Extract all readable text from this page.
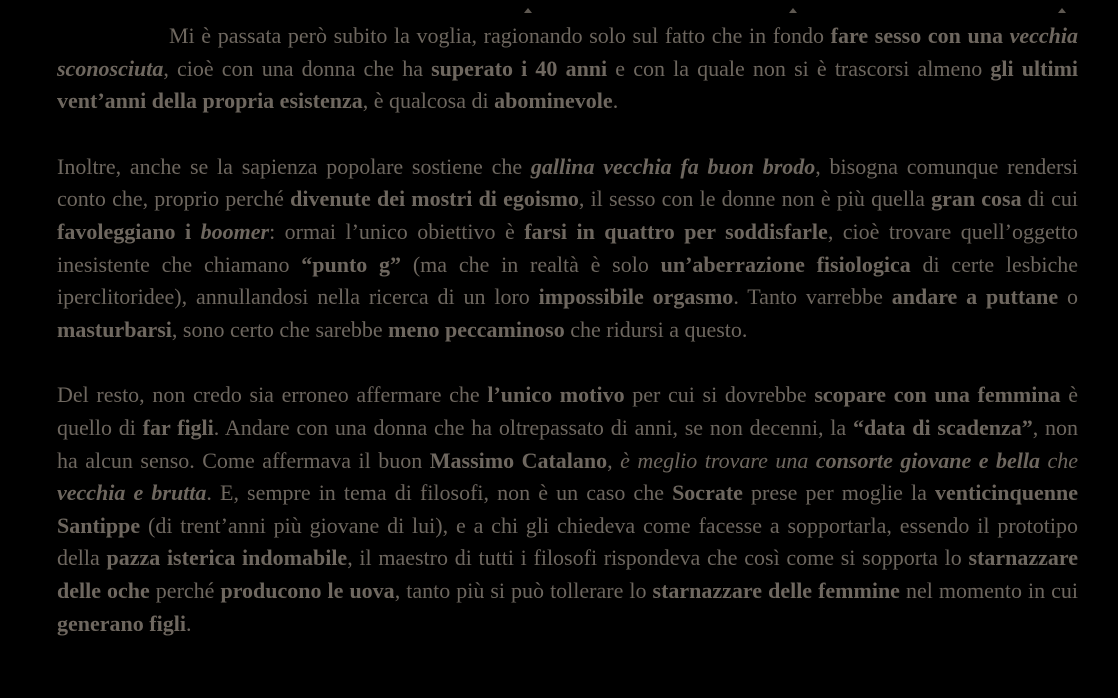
Mi è passata però subito la voglia, ragionando solo sul fatto che in fondo fare sesso con una vecchia sconosciuta, cioè con una donna che ha superato i 40 anni e con la quale non si è trascorsi almeno gli ultimi vent’anni della propria esistenza, è qualcosa di abominevole.

Inoltre, anche se la sapienza popolare sostiene che gallina vecchia fa buon brodo, bisogna comunque rendersi conto che, proprio perché divenute dei mostri di egoismo, il sesso con le donne non è più quella gran cosa di cui favoleggiano i boomer: ormai l’unico obiettivo è farsi in quattro per soddisfarle, cioè trovare quell’oggetto inesistente che chiamano “punto g” (ma che in realtà è solo un’aberrazione fisiologica di certe lesbiche iperclitoridee), annullandosi nella ricerca di un loro impossibile orgasmo. Tanto varrebbe andare a puttane o masturbarsi, sono certo che sarebbe meno peccaminoso che ridursi a questo.

Del resto, non credo sia erroneo affermare che l’unico motivo per cui si dovrebbe scopare con una femmina è quello di far figli. Andare con una donna che ha oltrepassato di anni, se non decenni, la “data di scadenza”, non ha alcun senso. Come affermava il buon Massimo Catalano, è meglio trovare una consorte giovane e bella che vecchia e brutta. E, sempre in tema di filosofi, non è un caso che Socrate prese per moglie la venticinquenne Santippe (di trent’anni più giovane di lui), e a chi gli chiedeva come facesse a sopportarla, essendo il prototipo della pazza isterica indomabile, il maestro di tutti i filosofi rispondeva che così come si sopporta lo starnazzare delle oche perché producono le uova, tanto più si può tollerare lo starnazzare delle femmine nel momento in cui generano figli.
